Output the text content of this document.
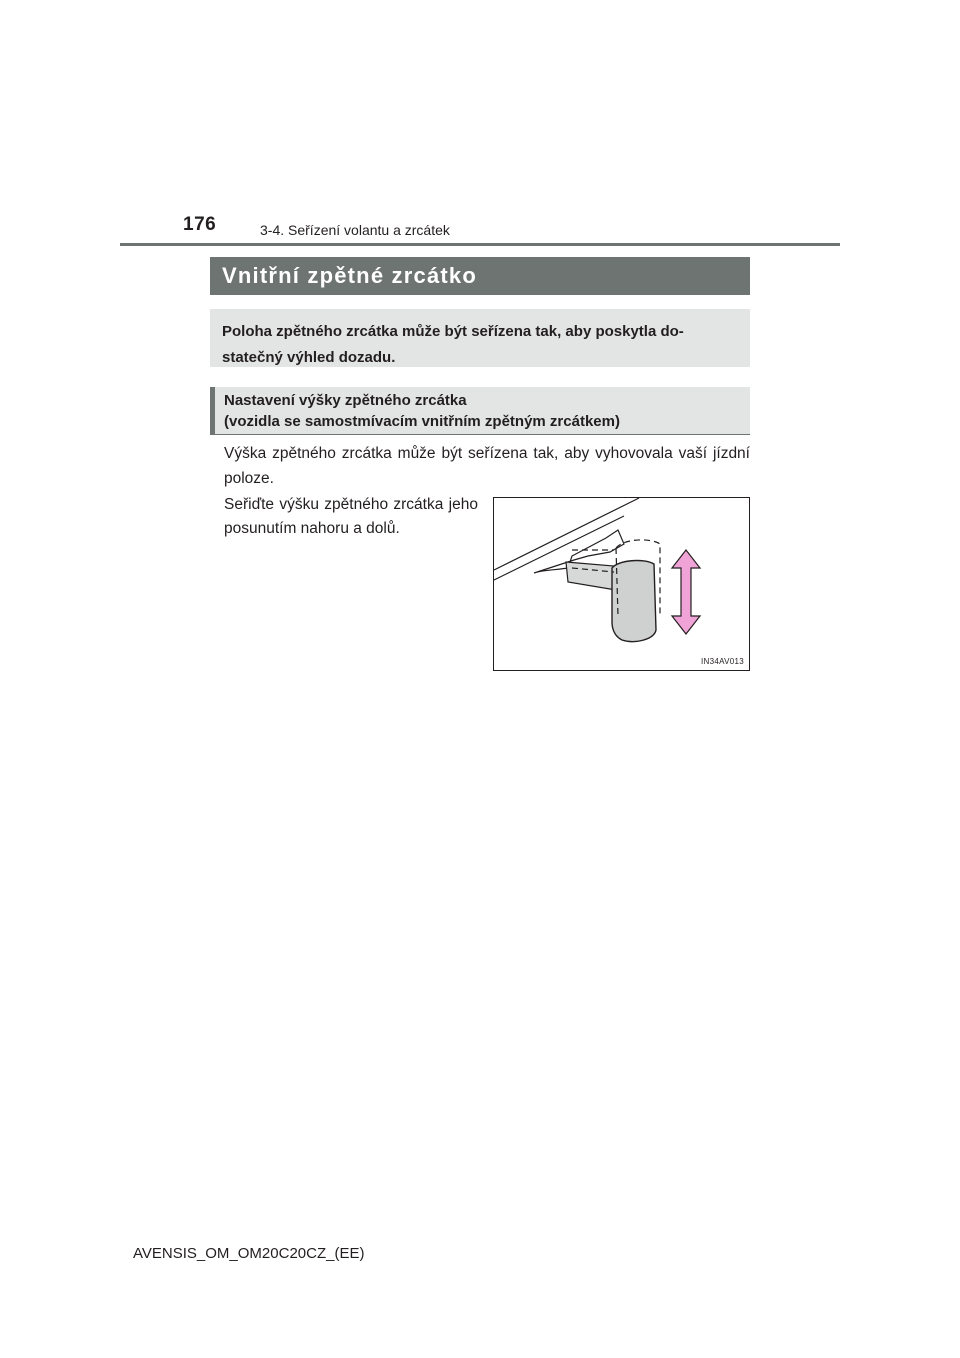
176	3-4. Seřízení volantu a zrcátek
Vnitřní zpětné zrcátko
Poloha zpětného zrcátka může být seřízena tak, aby poskytla do-
statečný výhled dozadu.
Nastavení výšky zpětného zrcátka
(vozidla se samostmívacím vnitřním zpětným zrcátkem)
Výška zpětného zrcátka může být seřízena tak, aby vyhovovala vaší jízdní poloze.
Seřiďte výšku zpětného zrcátka jeho posunutím nahoru a dolů.
IN34AV013
AVENSIS_OM_OM20C20CZ_(EE)
